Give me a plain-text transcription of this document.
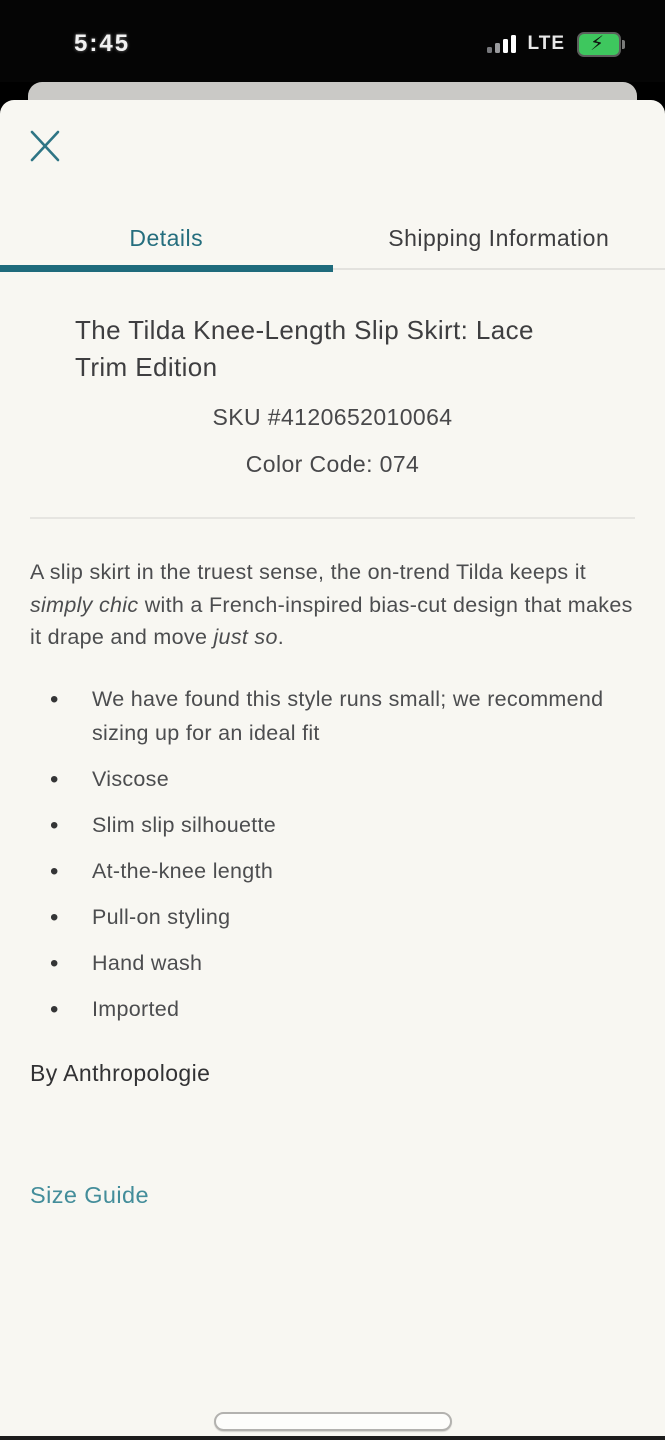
5:45	LTE ⚡︎
Details	Shipping Information
The Tilda Knee-Length Slip Skirt: Lace Trim Edition
SKU #4120652010064
Color Code: 074

A slip skirt in the truest sense, the on-trend Tilda keeps it simply chic with a French-inspired bias-cut design that makes it drape and move just so.

• We have found this style runs small; we recommend sizing up for an ideal fit
• Viscose
• Slim slip silhouette
• At-the-knee length
• Pull-on styling
• Hand wash
• Imported
By Anthropologie
Size Guide
